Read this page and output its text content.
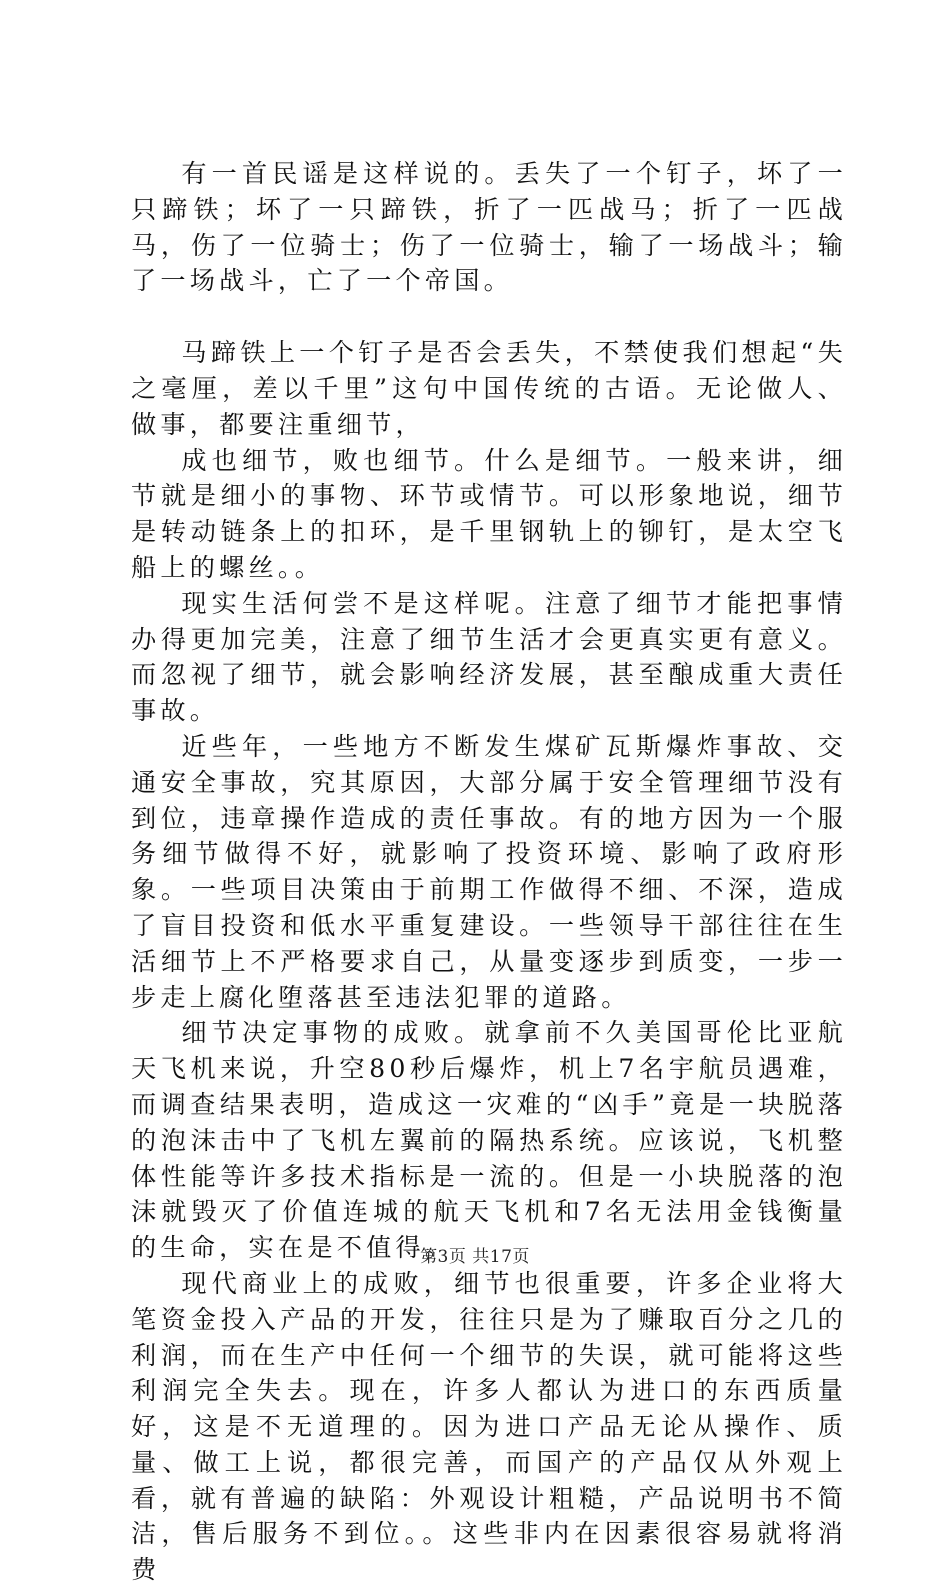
有一首民谣是这样说的。丢失了一个钉子，坏了一只蹄铁；坏了一只蹄铁，折了一匹战马；折了一匹战马，伤了一位骑士；伤了一位骑士，输了一场战斗；输了一场战斗，亡了一个帝国。

马蹄铁上一个钉子是否会丢失，不禁使我们想起“失之毫厘，差以千里”这句中国传统的古语。无论做人、做事，都要注重细节，

成也细节，败也细节。什么是细节。一般来讲，细节就是细小的事物、环节或情节。可以形象地说，细节是转动链条上的扣环，是千里钢轨上的铆钉，是太空飞船上的螺丝。。

现实生活何尝不是这样呢。注意了细节才能把事情办得更加完美，注意了细节生活才会更真实更有意义。而忽视了细节，就会影响经济发展，甚至酿成重大责任事故。

近些年，一些地方不断发生煤矿瓦斯爆炸事故、交通安全事故，究其原因，大部分属于安全管理细节没有到位，违章操作造成的责任事故。有的地方因为一个服务细节做得不好，就影响了投资环境、影响了政府形象。一些项目决策由于前期工作做得不细、不深，造成了盲目投资和低水平重复建设。一些领导干部往往在生活细节上不严格要求自己，从量变逐步到质变，一步一步走上腐化堕落甚至违法犯罪的道路。

细节决定事物的成败。就拿前不久美国哥伦比亚航天飞机来说，升空80秒后爆炸，机上7名宇航员遇难，而调查结果表明，造成这一灾难的“凶手”竟是一块脱落的泡沫击中了飞机左翼前的隔热系统。应该说，飞机整体性能等许多技术指标是一流的。但是一小块脱落的泡沫就毁灭了价值连城的航天飞机和7名无法用金钱衡量的生命，实在是不值得。

现代商业上的成败，细节也很重要，许多企业将大笔资金投入产品的开发，往往只是为了赚取百分之几的利润，而在生产中任何一个细节的失误，就可能将这些利润完全失去。现在，许多人都认为进口的东西质量好，这是不无道理的。因为进口产品无论从操作、质量、做工上说，都很完善，而国产的产品仅从外观上看，就有普遍的缺陷：外观设计粗糙，产品说明书不简洁，售后服务不到位。。这些非内在因素很容易就将消费

第3页 共17页
